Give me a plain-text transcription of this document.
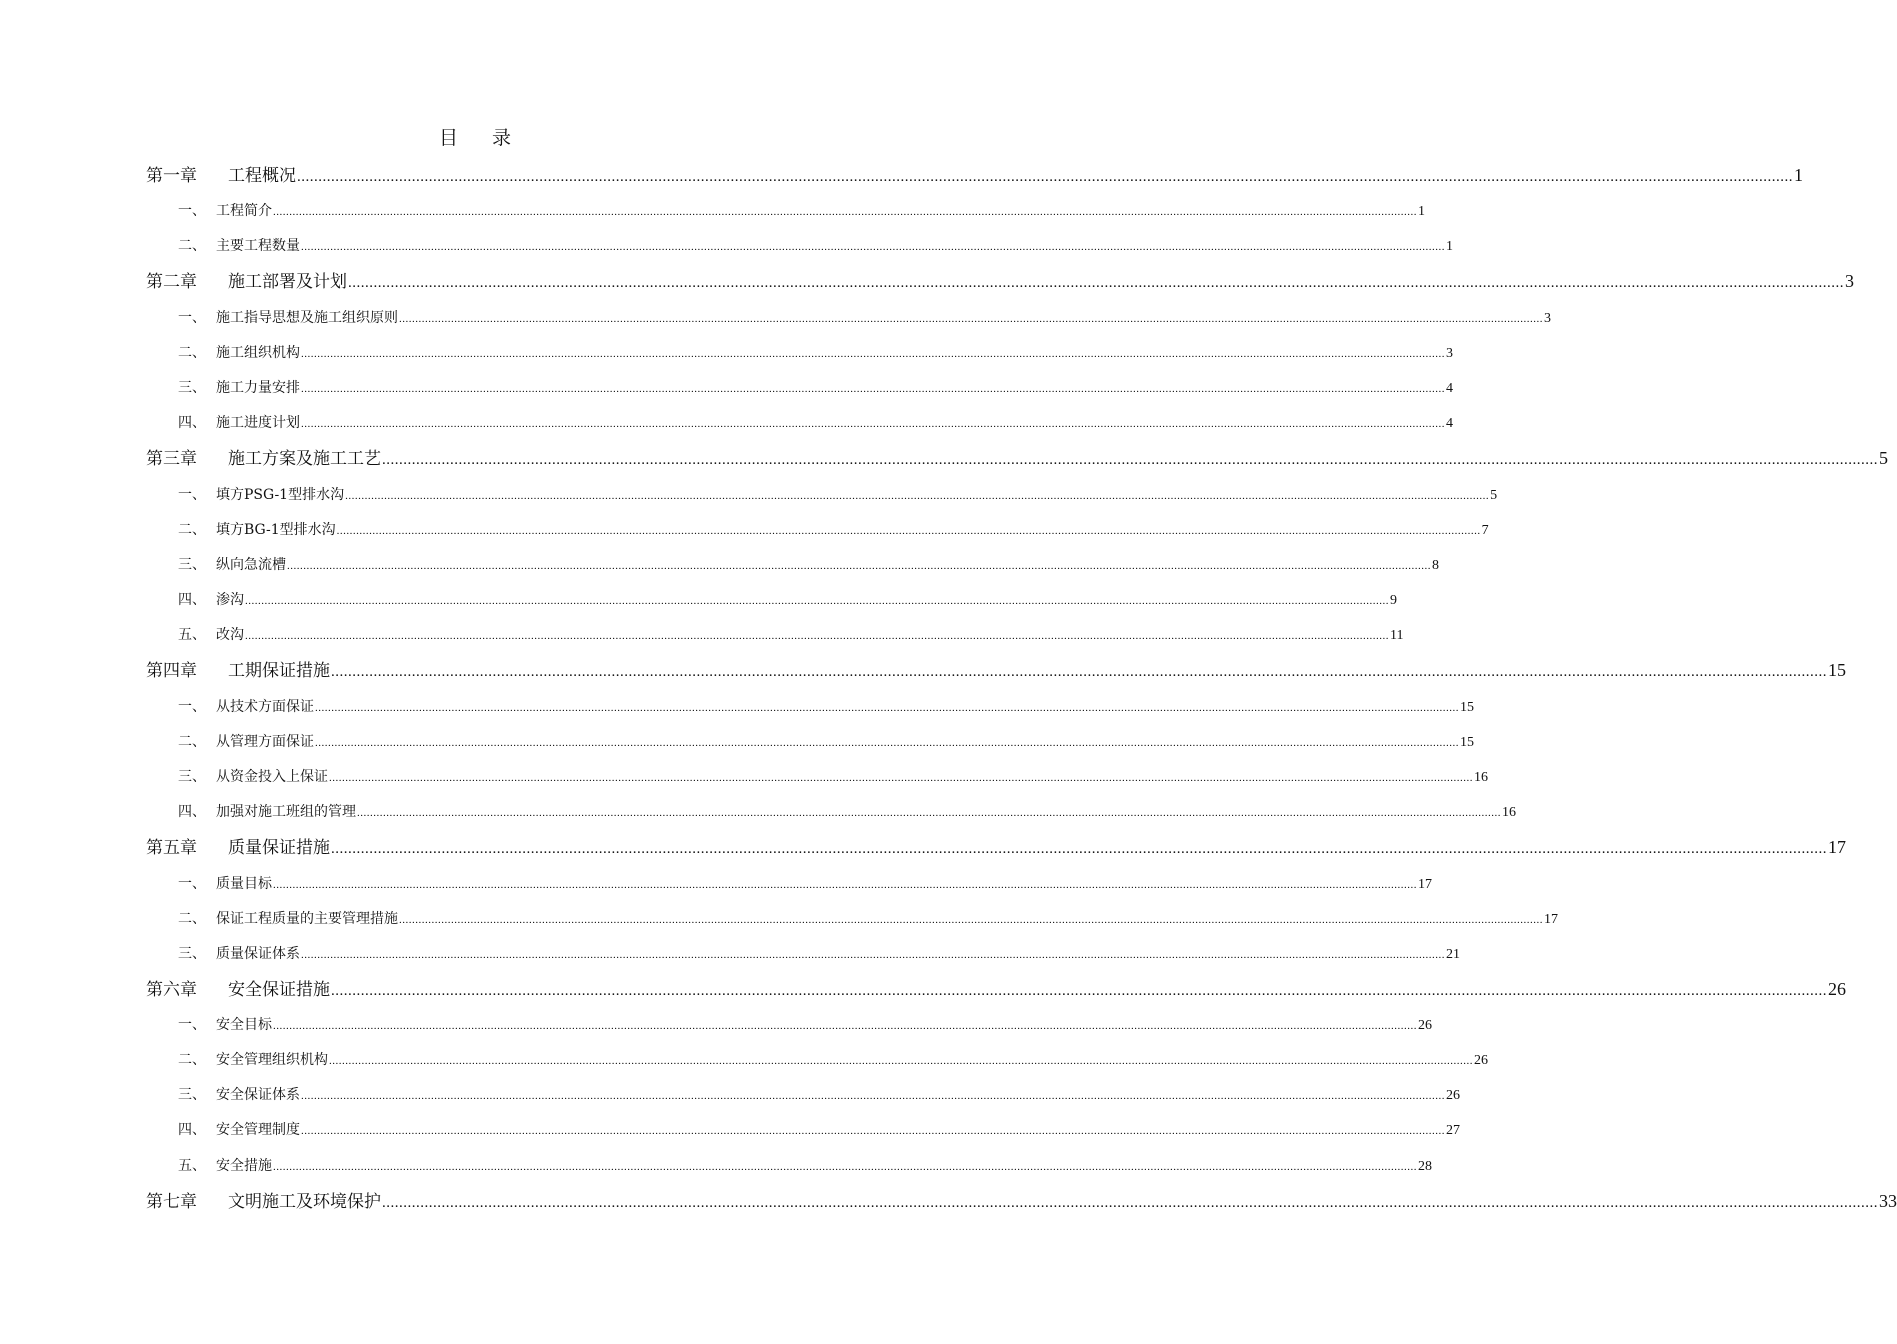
目 录
第一章	工程概况 ................................................................................................................................................................................................................................................................................................................................................................ 1
一、 工程简介 ................................................................................................................................................................................................................................................................................................................................................................ 1
二、 主要工程数量 ................................................................................................................................................................................................................................................................................................................................................................ 1
第二章	施工部署及计划 ................................................................................................................................................................................................................................................................................................................................................................ 3
一、 施工指导思想及施工组织原则 ................................................................................................................................................................................................................................................................................................................................................................ 3
二、 施工组织机构 ................................................................................................................................................................................................................................................................................................................................................................ 3
三、 施工力量安排 ................................................................................................................................................................................................................................................................................................................................................................ 4
四、 施工进度计划 ................................................................................................................................................................................................................................................................................................................................................................ 4
第三章	施工方案及施工工艺 ................................................................................................................................................................................................................................................................................................................................................................ 5
一、 填方PSG-1型排水沟 ................................................................................................................................................................................................................................................................................................................................................................ 5
二、 填方BG-1型排水沟 ................................................................................................................................................................................................................................................................................................................................................................ 7
三、 纵向急流槽 ................................................................................................................................................................................................................................................................................................................................................................ 8
四、 渗沟 ................................................................................................................................................................................................................................................................................................................................................................ 9
五、 改沟 ................................................................................................................................................................................................................................................................................................................................................................ 11
第四章	工期保证措施 ................................................................................................................................................................................................................................................................................................................................................................ 15
一、 从技术方面保证 ................................................................................................................................................................................................................................................................................................................................................................ 15
二、 从管理方面保证 ................................................................................................................................................................................................................................................................................................................................................................ 15
三、 从资金投入上保证 ................................................................................................................................................................................................................................................................................................................................................................ 16
四、 加强对施工班组的管理 ................................................................................................................................................................................................................................................................................................................................................................ 16
第五章	质量保证措施 ................................................................................................................................................................................................................................................................................................................................................................ 17
一、 质量目标 ................................................................................................................................................................................................................................................................................................................................................................ 17
二、 保证工程质量的主要管理措施 ................................................................................................................................................................................................................................................................................................................................................................ 17
三、 质量保证体系 ................................................................................................................................................................................................................................................................................................................................................................ 21
第六章	安全保证措施 ................................................................................................................................................................................................................................................................................................................................................................ 26
一、 安全目标 ................................................................................................................................................................................................................................................................................................................................................................ 26
二、 安全管理组织机构 ................................................................................................................................................................................................................................................................................................................................................................ 26
三、 安全保证体系 ................................................................................................................................................................................................................................................................................................................................................................ 26
四、 安全管理制度 ................................................................................................................................................................................................................................................................................................................................................................ 27
五、 安全措施 ................................................................................................................................................................................................................................................................................................................................................................ 28
第七章	文明施工及环境保护 ................................................................................................................................................................................................................................................................................................................................................................ 33
